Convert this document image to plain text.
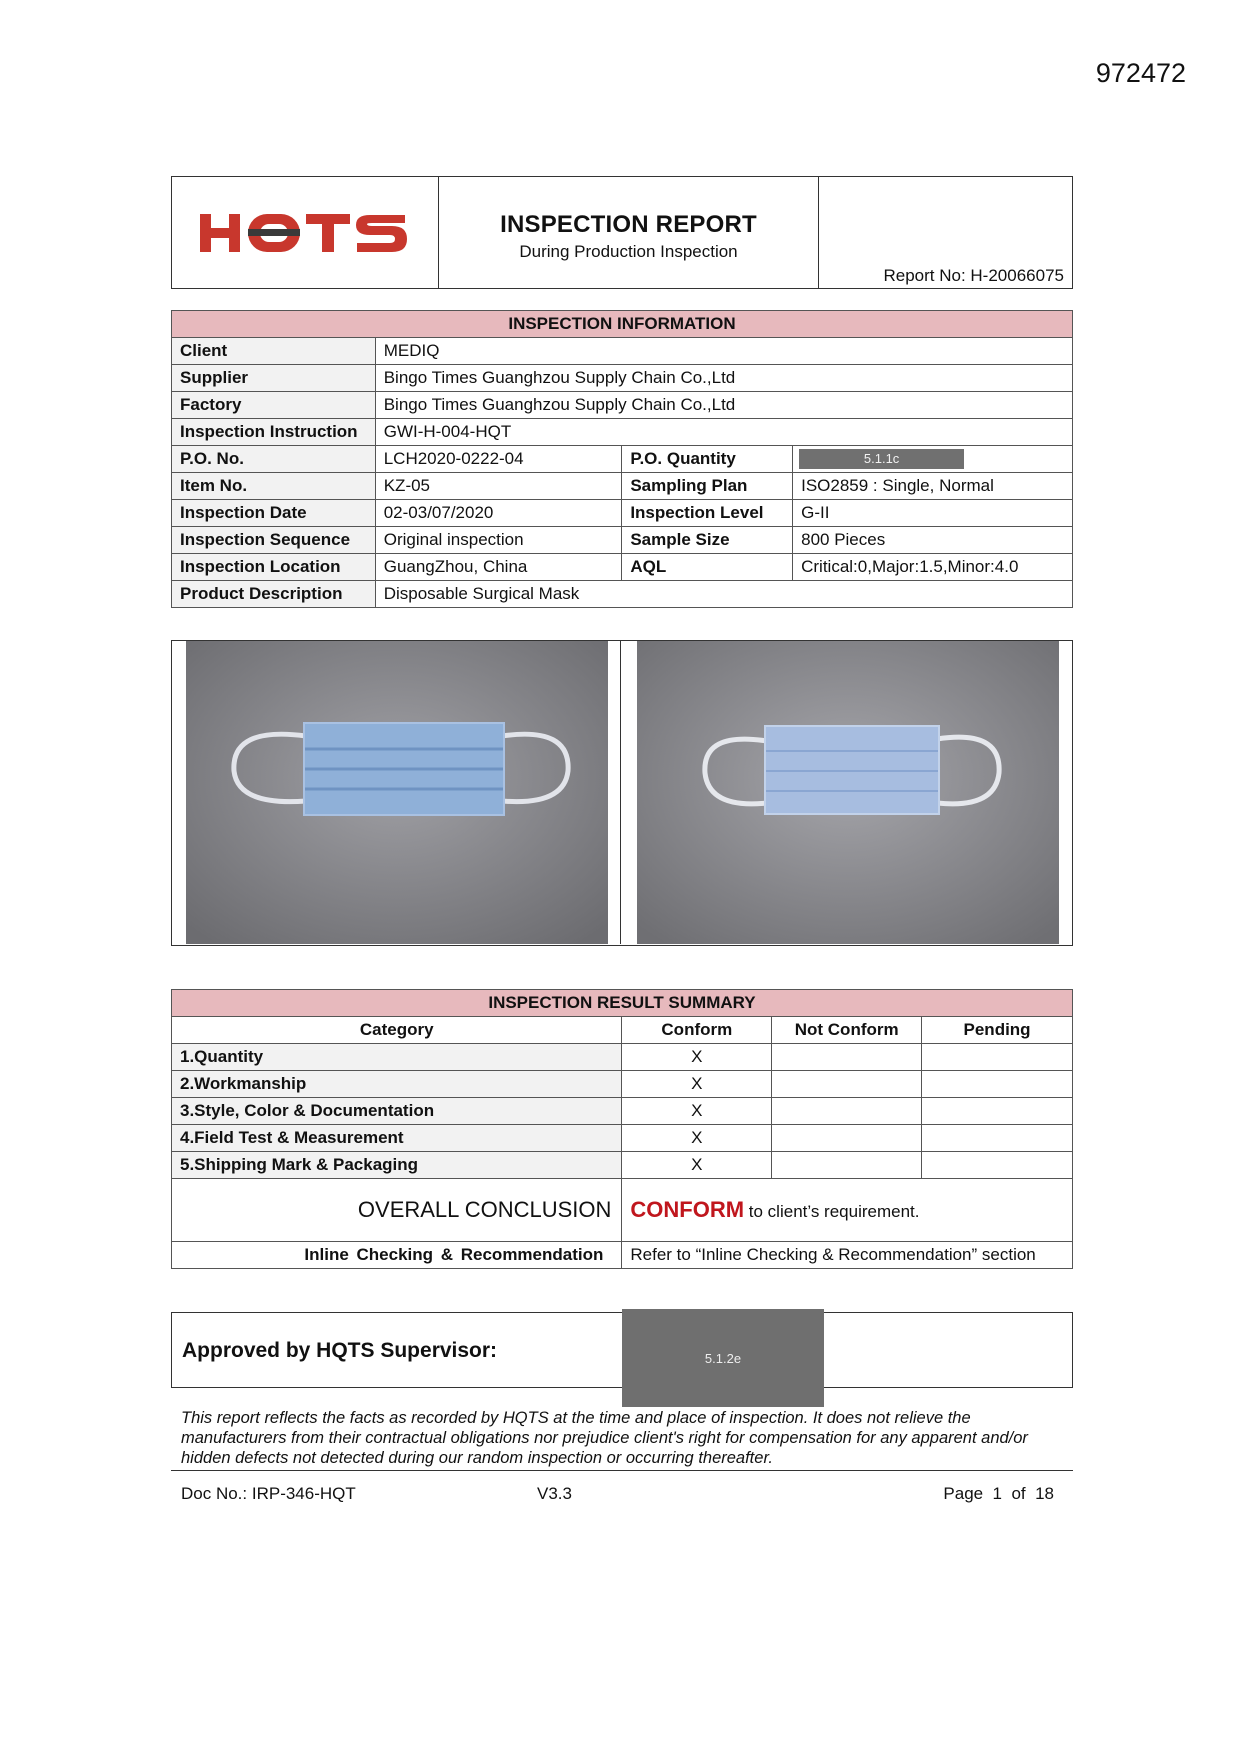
972472
INSPECTION REPORT
During Production Inspection
Report No: H-20066075
INSPECTION INFORMATION			
Client	MEDIQ		
Supplier	Bingo Times Guanghzou Supply Chain Co.,Ltd		
Factory	Bingo Times Guanghzou Supply Chain Co.,Ltd		
Inspection Instruction	GWI-H-004-HQT		
P.O. No.	LCH2020-0222-04	P.O. Quantity	5.1.1c

Item No.	KZ-05	Sampling Plan	ISO2859 : Single, Normal
Inspection Date	02-03/07/2020	Inspection Level	G-II
Inspection Sequence	Original inspection	Sample Size	800 Pieces
Inspection Location	GuangZhou, China	AQL	Critical:0,Major:1.5,Minor:4.0
Product Description	Disposable Surgical Mask		
INSPECTION RESULT SUMMARY			
Category	Conform	Not Conform	Pending
1.Quantity	X		
2.Workmanship	X		
3.Style, Color & Documentation	X		
4.Field Test & Measurement	X		
5.Shipping Mark & Packaging	X		
OVERALL CONCLUSION	CONFORM to client’s requirement.		
Inline Checking & Recommendation	Refer to “Inline Checking & Recommendation” section		
Approved by HQTS Supervisor:	5.1.2e
This report reflects the facts as recorded by HQTS at the time and place of inspection. It does not relieve the manufacturers from their contractual obligations nor prejudice client's right for compensation for any apparent and/or hidden defects not detected during our random inspection or occurring thereafter.
Doc No.: IRP-346-HQT	V3.3	Page  1  of  18
